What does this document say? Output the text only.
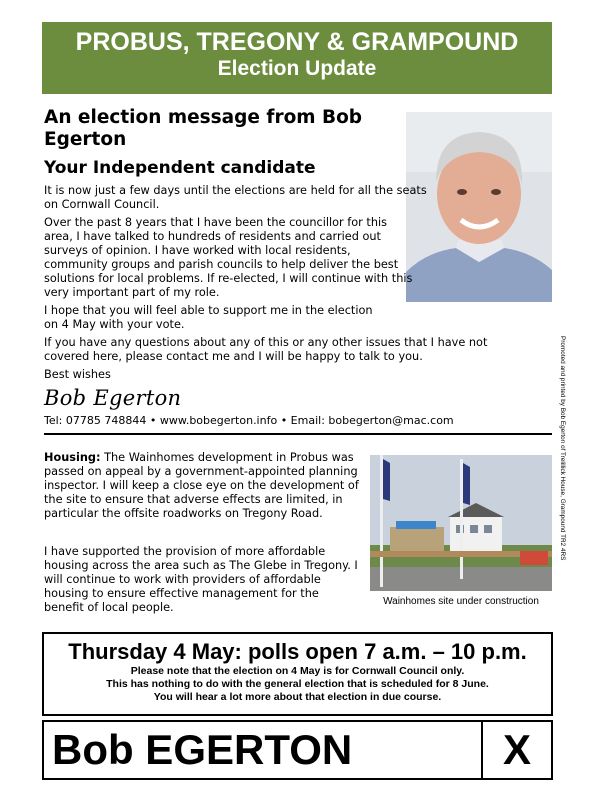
PROBUS, TREGONY & GRAMPOUND
Election Update
An election message from Bob Egerton
Your Independent candidate

It is now just a few days until the elections are held for all the seats on Cornwall Council.

Over the past 8 years that I have been the councillor for this area, I have talked to hundreds of residents and carried out surveys of opinion. I have worked with local residents, community groups and parish councils to help deliver the best solutions for local problems. If re-elected, I will continue with this very important part of my role.

I hope that you will feel able to support me in the election on 4 May with your vote.

If you have any questions about any of this or any other issues that I have not covered here, please contact me and I will be happy to talk to you.

Best wishes

Bob Egerton
Tel: 07785 748844 • www.bobegerton.info • Email: bobegerton@mac.com

Housing: The Wainhomes development in Probus was passed on appeal by a government-appointed planning inspector. I will keep a close eye on the development of the site to ensure that adverse effects are limited, in particular the offsite roadworks on Tregony Road.

I have supported the provision of more affordable housing across the area such as The Glebe in Tregony. I will continue to work with providers of affordable housing to ensure effective management for the benefit of local people.	Wainhomes site under construction
Promoted and printed by Bob Egerton of Trelillick House, Grampound TR2 4RS
Thursday 4 May: polls open 7 a.m. – 10 p.m.
Please note that the election on 4 May is for Cornwall Council only.
This has nothing to do with the general election that is scheduled for 8 June.
You will hear a lot more about that election in due course.
Bob EGERTON	X
